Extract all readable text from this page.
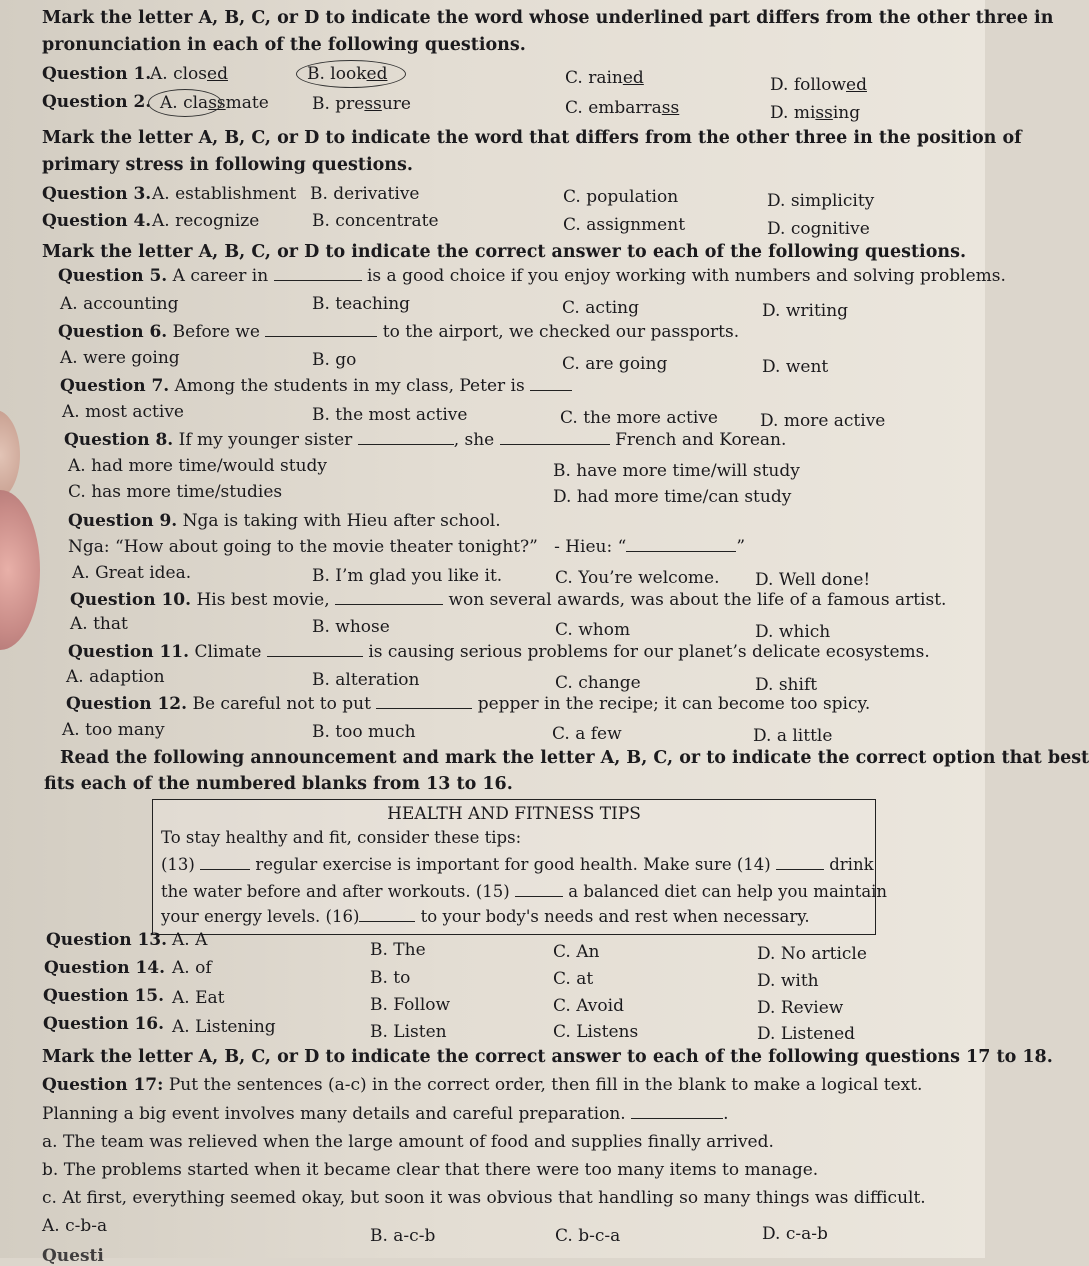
Mark the letter A, B, C, or D to indicate the word whose underlined part differs from the other three in
pronunciation in each of the following questions.
Question 1.
A. closed	B. looked	C. rained	D. followed
Question 2. A. classmate	B. pressure	C. embarrass	D. missing
Mark the letter A, B, C, or D to indicate the word that differs from the other three in the position of
primary stress in following questions.
Question 3. A. establishment B. derivative	C. population	D. simplicity
Question 4. A. recognize	B. concentrate	C. assignment	D. cognitive
Mark the letter A, B, C, or D to indicate the correct answer to each of the following questions.
Question 5. A career in	is a good choice if you enjoy working with numbers and solving problems.
A. accounting	B. teaching	C. acting	D. writing
Question 6. Before we	to the airport, we checked our passports.
A. were going	B. go	C. are going	D. went
Question 7. Among the students in my class, Peter is
A. most active	B. the most active	C. the more active D. more active
Question 8. If my younger sister	, she	French and Korean.
A. had more time/would study	B. have more time/will study
C. has more time/studies	D. had more time/can study
Question 9. Nga is taking with Hieu after school.
Nga: “How about going to the movie theater tonight?” - Hieu: “	”
A. Great idea.	B. I’m glad you like it.	C. You’re welcome. D. Well done!
Question 10. His best movie,	won several awards, was about the life of a famous artist.
A. that	B. whose	C. whom	D. which
Question 11. Climate	is causing serious problems for our planet’s delicate ecosystems.
A. adaption	B. alteration	C. change	D. shift
Question 12. Be careful not to put	pepper in the recipe; it can become too spicy.
A. too many	B. too much	C. a few	D. a little
Read the following announcement and mark the letter A, B, C, or to indicate the correct option that best
fits each of the numbered blanks from 13 to 16.
HEALTH AND FITNESS TIPS
To stay healthy and fit, consider these tips:
(13)	regular exercise is important for good health. Make sure (14)	drink
the water before and after workouts. (15)	a balanced diet can help you maintain
your energy levels. (16)	to your body's needs and rest when necessary.
Question 13. A. A	B. The	C. An	D. No article
Question 14. A. of	B. to	C. at	D. with
Question 15. A. Eat	B. Follow	C. Avoid	D. Review
Question 16. A. Listening	B. Listen	C. Listens	D. Listened
Mark the letter A, B, C, or D to indicate the correct answer to each of the following questions 17 to 18.
Question 17: Put the sentences (a-c) in the correct order, then fill in the blank to make a logical text.
Planning a big event involves many details and careful preparation.	.
a. The team was relieved when the large amount of food and supplies finally arrived.
b. The problems started when it became clear that there were too many items to manage.
c. At first, everything seemed okay, but soon it was obvious that handling so many things was difficult.
A. c-b-a	B. a-c-b	C. b-c-a	D. c-a-b
Questi
